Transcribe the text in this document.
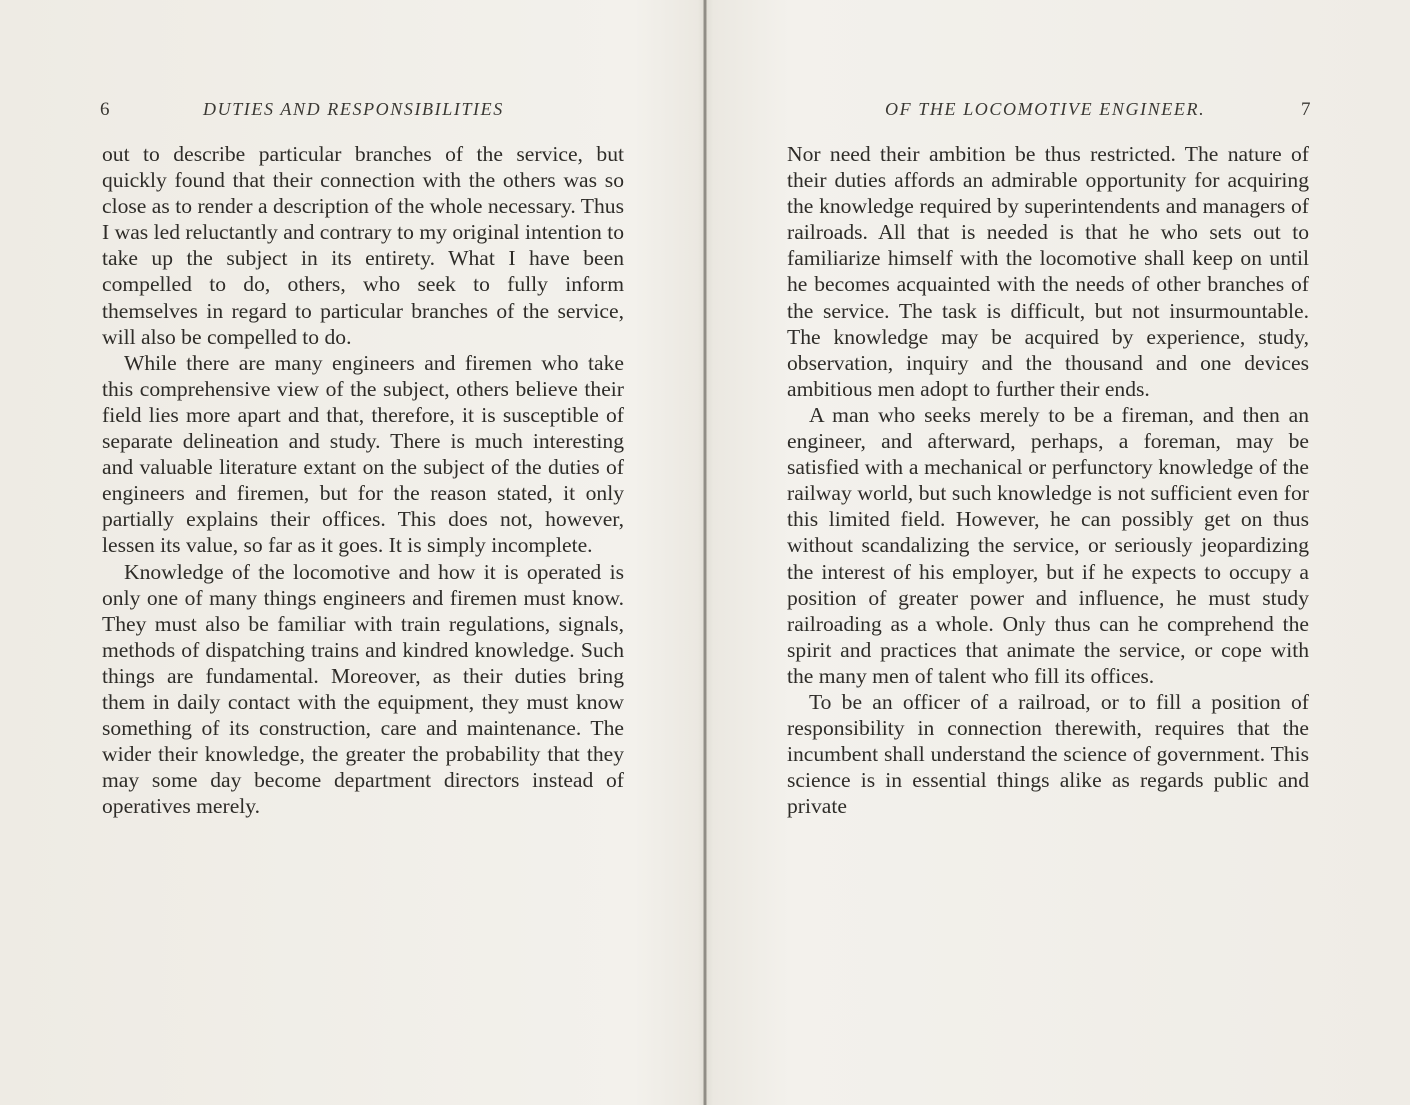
6	DUTIES AND RESPONSIBILITIES

out to describe particular branches of the service, but quickly found that their connection with the others was so close as to render a description of the whole necessary. Thus I was led reluctantly and contrary to my original intention to take up the subject in its entirety. What I have been compelled to do, others, who seek to fully inform themselves in regard to particular branches of the service, will also be compelled to do.

While there are many engineers and firemen who take this comprehensive view of the subject, others believe their field lies more apart and that, therefore, it is susceptible of separate delineation and study. There is much interesting and valuable literature extant on the subject of the duties of engineers and firemen, but for the reason stated, it only partially explains their offices. This does not, however, lessen its value, so far as it goes. It is simply incomplete.

Knowledge of the locomotive and how it is operated is only one of many things engineers and firemen must know. They must also be familiar with train regulations, signals, methods of dispatching trains and kindred knowledge. Such things are fundamental. Moreover, as their duties bring them in daily contact with the equipment, they must know something of its construction, care and maintenance. The wider their knowledge, the greater the probability that they may some day become department directors instead of operatives merely.

OF THE LOCOMOTIVE ENGINEER.	7

Nor need their ambition be thus restricted. The nature of their duties affords an admirable opportunity for acquiring the knowledge required by superintendents and managers of railroads. All that is needed is that he who sets out to familiarize himself with the locomotive shall keep on until he becomes acquainted with the needs of other branches of the service. The task is difficult, but not insurmountable. The knowledge may be acquired by experience, study, observation, inquiry and the thousand and one devices ambitious men adopt to further their ends.

A man who seeks merely to be a fireman, and then an engineer, and afterward, perhaps, a foreman, may be satisfied with a mechanical or perfunctory knowledge of the railway world, but such knowledge is not sufficient even for this limited field. However, he can possibly get on thus without scandalizing the service, or seriously jeopardizing the interest of his employer, but if he expects to occupy a position of greater power and influence, he must study railroading as a whole. Only thus can he comprehend the spirit and practices that animate the service, or cope with the many men of talent who fill its offices.

To be an officer of a railroad, or to fill a position of responsibility in connection therewith, requires that the incumbent shall understand the science of government. This science is in essential things alike as regards public and private
